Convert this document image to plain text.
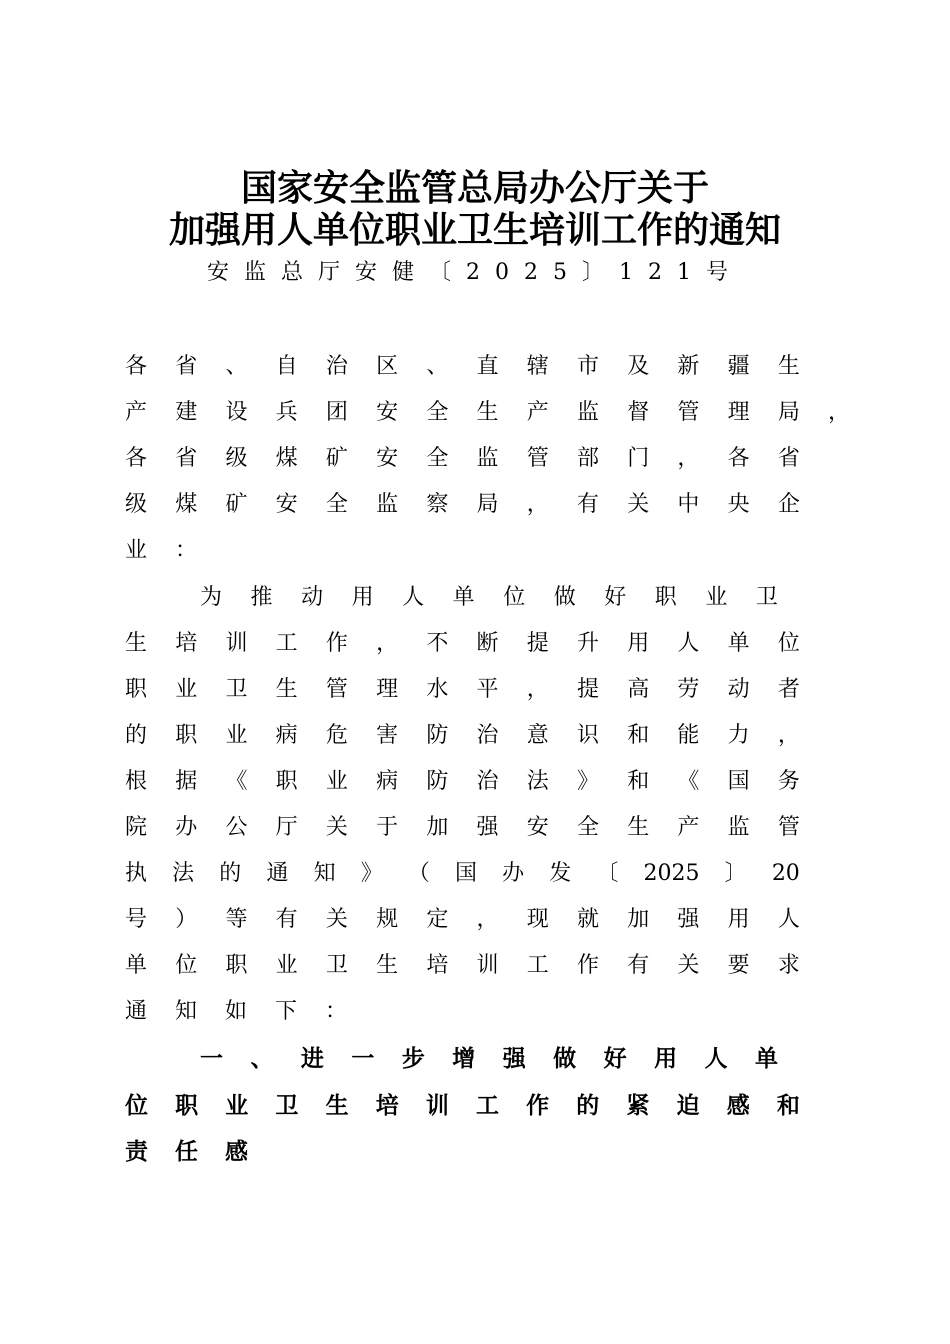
国家安全监管总局办公厅关于
加强用人单位职业卫生培训工作的通知
安监总厅安健〔2025〕121号
各 省 、 自 治 区 、 直 辖 市 及 新 疆 生
产 建 设 兵 团 安 全 生 产 监 督 管 理 局 ，
各 省 级 煤 矿 安 全 监 管 部 门 ， 各 省
级 煤 矿 安 全 监 察 局 ， 有 关 中 央 企
业	：
为 推 动 用 人 单 位 做 好 职 业 卫
生 培 训 工 作 ， 不 断 提 升 用 人 单 位
职 业 卫 生 管 理 水 平 ， 提 高 劳 动 者
的 职 业 病 危 害 防 治 意 识 和 能 力 ，
根 据 《 职 业 病 防 治 法 》 和 《 国 务
院 办 公 厅 关 于 加 强 安 全 生 产 监 管
执 法 的 通 知 》 （ 国 办 发 〔 2025 〕 20
号 ） 等 有 关 规 定 ， 现 就 加 强 用 人
单 位 职 业 卫 生 培 训 工 作 有 关 要 求
通	知	如	下	：
一 、 进 一 步 增 强 做 好 用 人 单
位 职 业 卫 生 培 训 工 作 的 紧 迫 感 和
责	任	感
